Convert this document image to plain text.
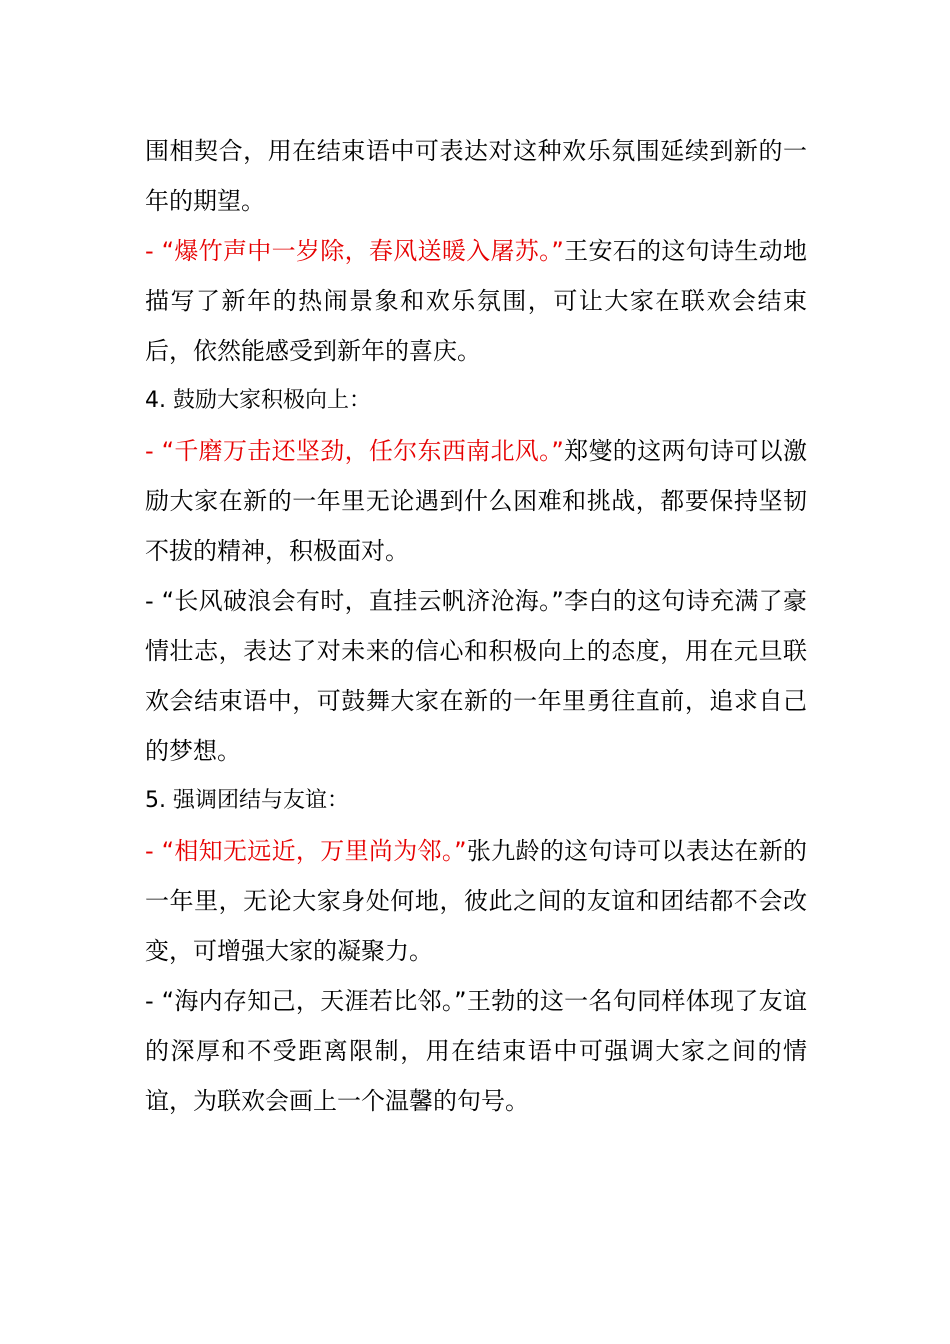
围相契合，用在结束语中可表达对这种欢乐氛围延续到新的一年的期望。

- “爆竹声中一岁除，春风送暖入屠苏。”王安石的这句诗生动地描写了新年的热闹景象和欢乐氛围，可让大家在联欢会结束后，依然能感受到新年的喜庆。

4. 鼓励大家积极向上：

- “千磨万击还坚劲，任尔东西南北风。”郑燮的这两句诗可以激励大家在新的一年里无论遇到什么困难和挑战，都要保持坚韧不拔的精神，积极面对。

- “长风破浪会有时，直挂云帆济沧海。”李白的这句诗充满了豪情壮志，表达了对未来的信心和积极向上的态度，用在元旦联欢会结束语中，可鼓舞大家在新的一年里勇往直前，追求自己的梦想。

5. 强调团结与友谊：

- “相知无远近，万里尚为邻。”张九龄的这句诗可以表达在新的一年里，无论大家身处何地，彼此之间的友谊和团结都不会改变，可增强大家的凝聚力。

- “海内存知己，天涯若比邻。”王勃的这一名句同样体现了友谊的深厚和不受距离限制，用在结束语中可强调大家之间的情谊，为联欢会画上一个温馨的句号。
